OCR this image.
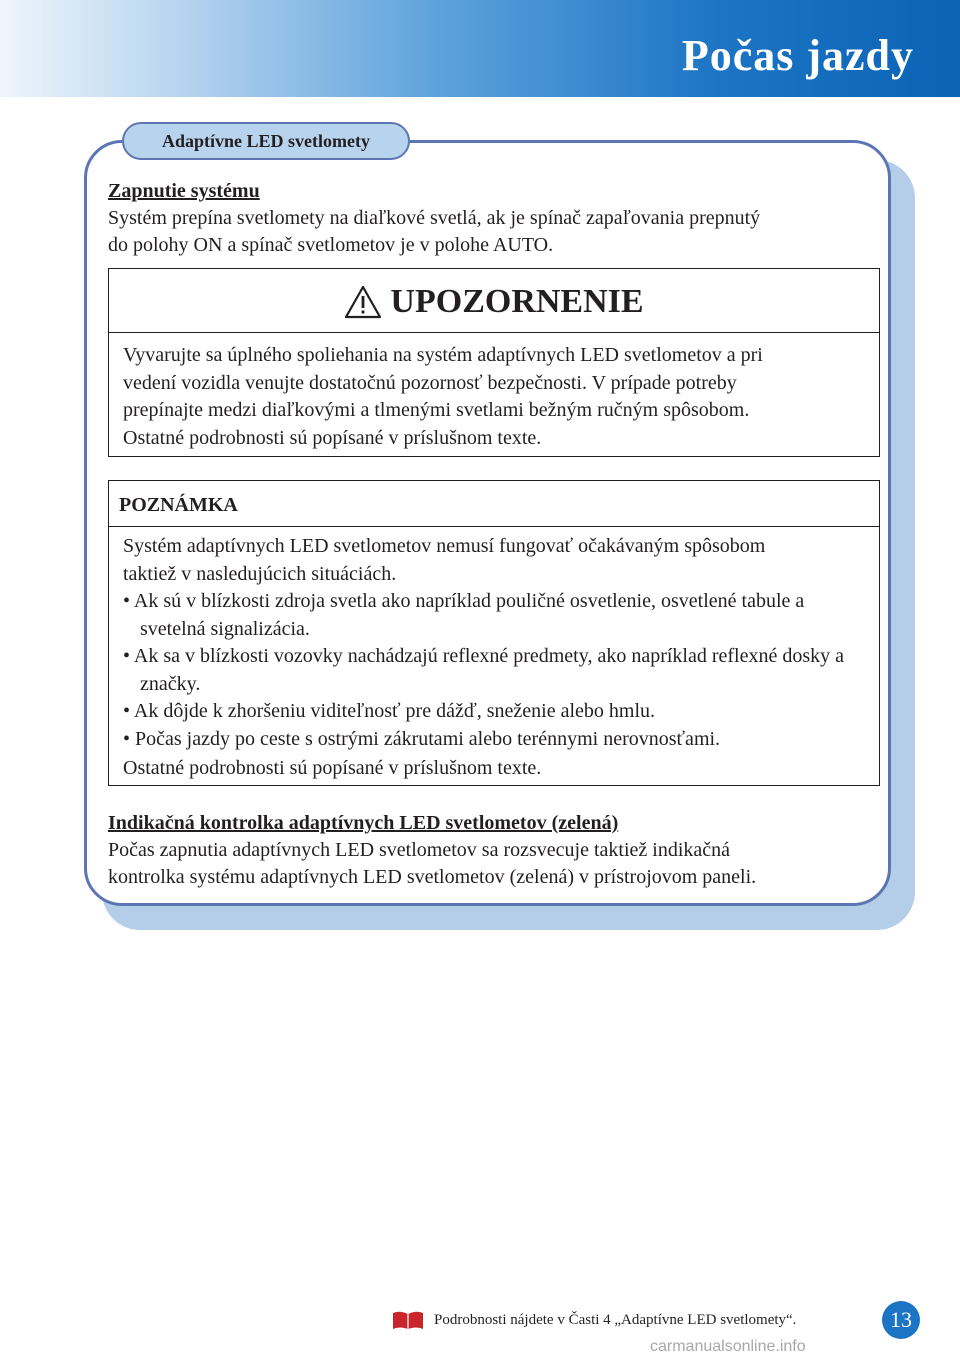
Počas jazdy
Adaptívne LED svetlomety
Zapnutie systému
Systém prepína svetlomety na diaľkové svetlá, ak je spínač zapaľovania prepnutý
do polohy ON a spínač svetlometov je v polohe AUTO.
UPOZORNENIE
Vyvarujte sa úplného spoliehania na systém adaptívnych LED svetlometov a pri
vedení vozidla venujte dostatočnú pozornosť bezpečnosti. V prípade potreby
prepínajte medzi diaľkovými a tlmenými svetlami bežným ručným spôsobom.
Ostatné podrobnosti sú popísané v príslušnom texte.
POZNÁMKA
Systém adaptívnych LED svetlometov nemusí fungovať očakávaným spôsobom
taktiež v nasledujúcich situáciách.
• Ak sú v blízkosti zdroja svetla ako napríklad pouličné osvetlenie, osvetlené tabule a svetelná signalizácia.
• Ak sa v blízkosti vozovky nachádzajú reflexné predmety, ako napríklad reflexné dosky a značky.
• Ak dôjde k zhoršeniu viditeľnosť pre dážď, sneženie alebo hmlu.
• Počas jazdy po ceste s ostrými zákrutami alebo terénnymi nerovnosťami.
Ostatné podrobnosti sú popísané v príslušnom texte.
Indikačná kontrolka adaptívnych LED svetlometov (zelená)
Počas zapnutia adaptívnych LED svetlometov sa rozsvecuje taktiež indikačná
kontrolka systému adaptívnych LED svetlometov (zelená) v prístrojovom paneli.
Podrobnosti nájdete v Časti 4 „Adaptívne LED svetlomety“.	13
carmanualsonline.info
